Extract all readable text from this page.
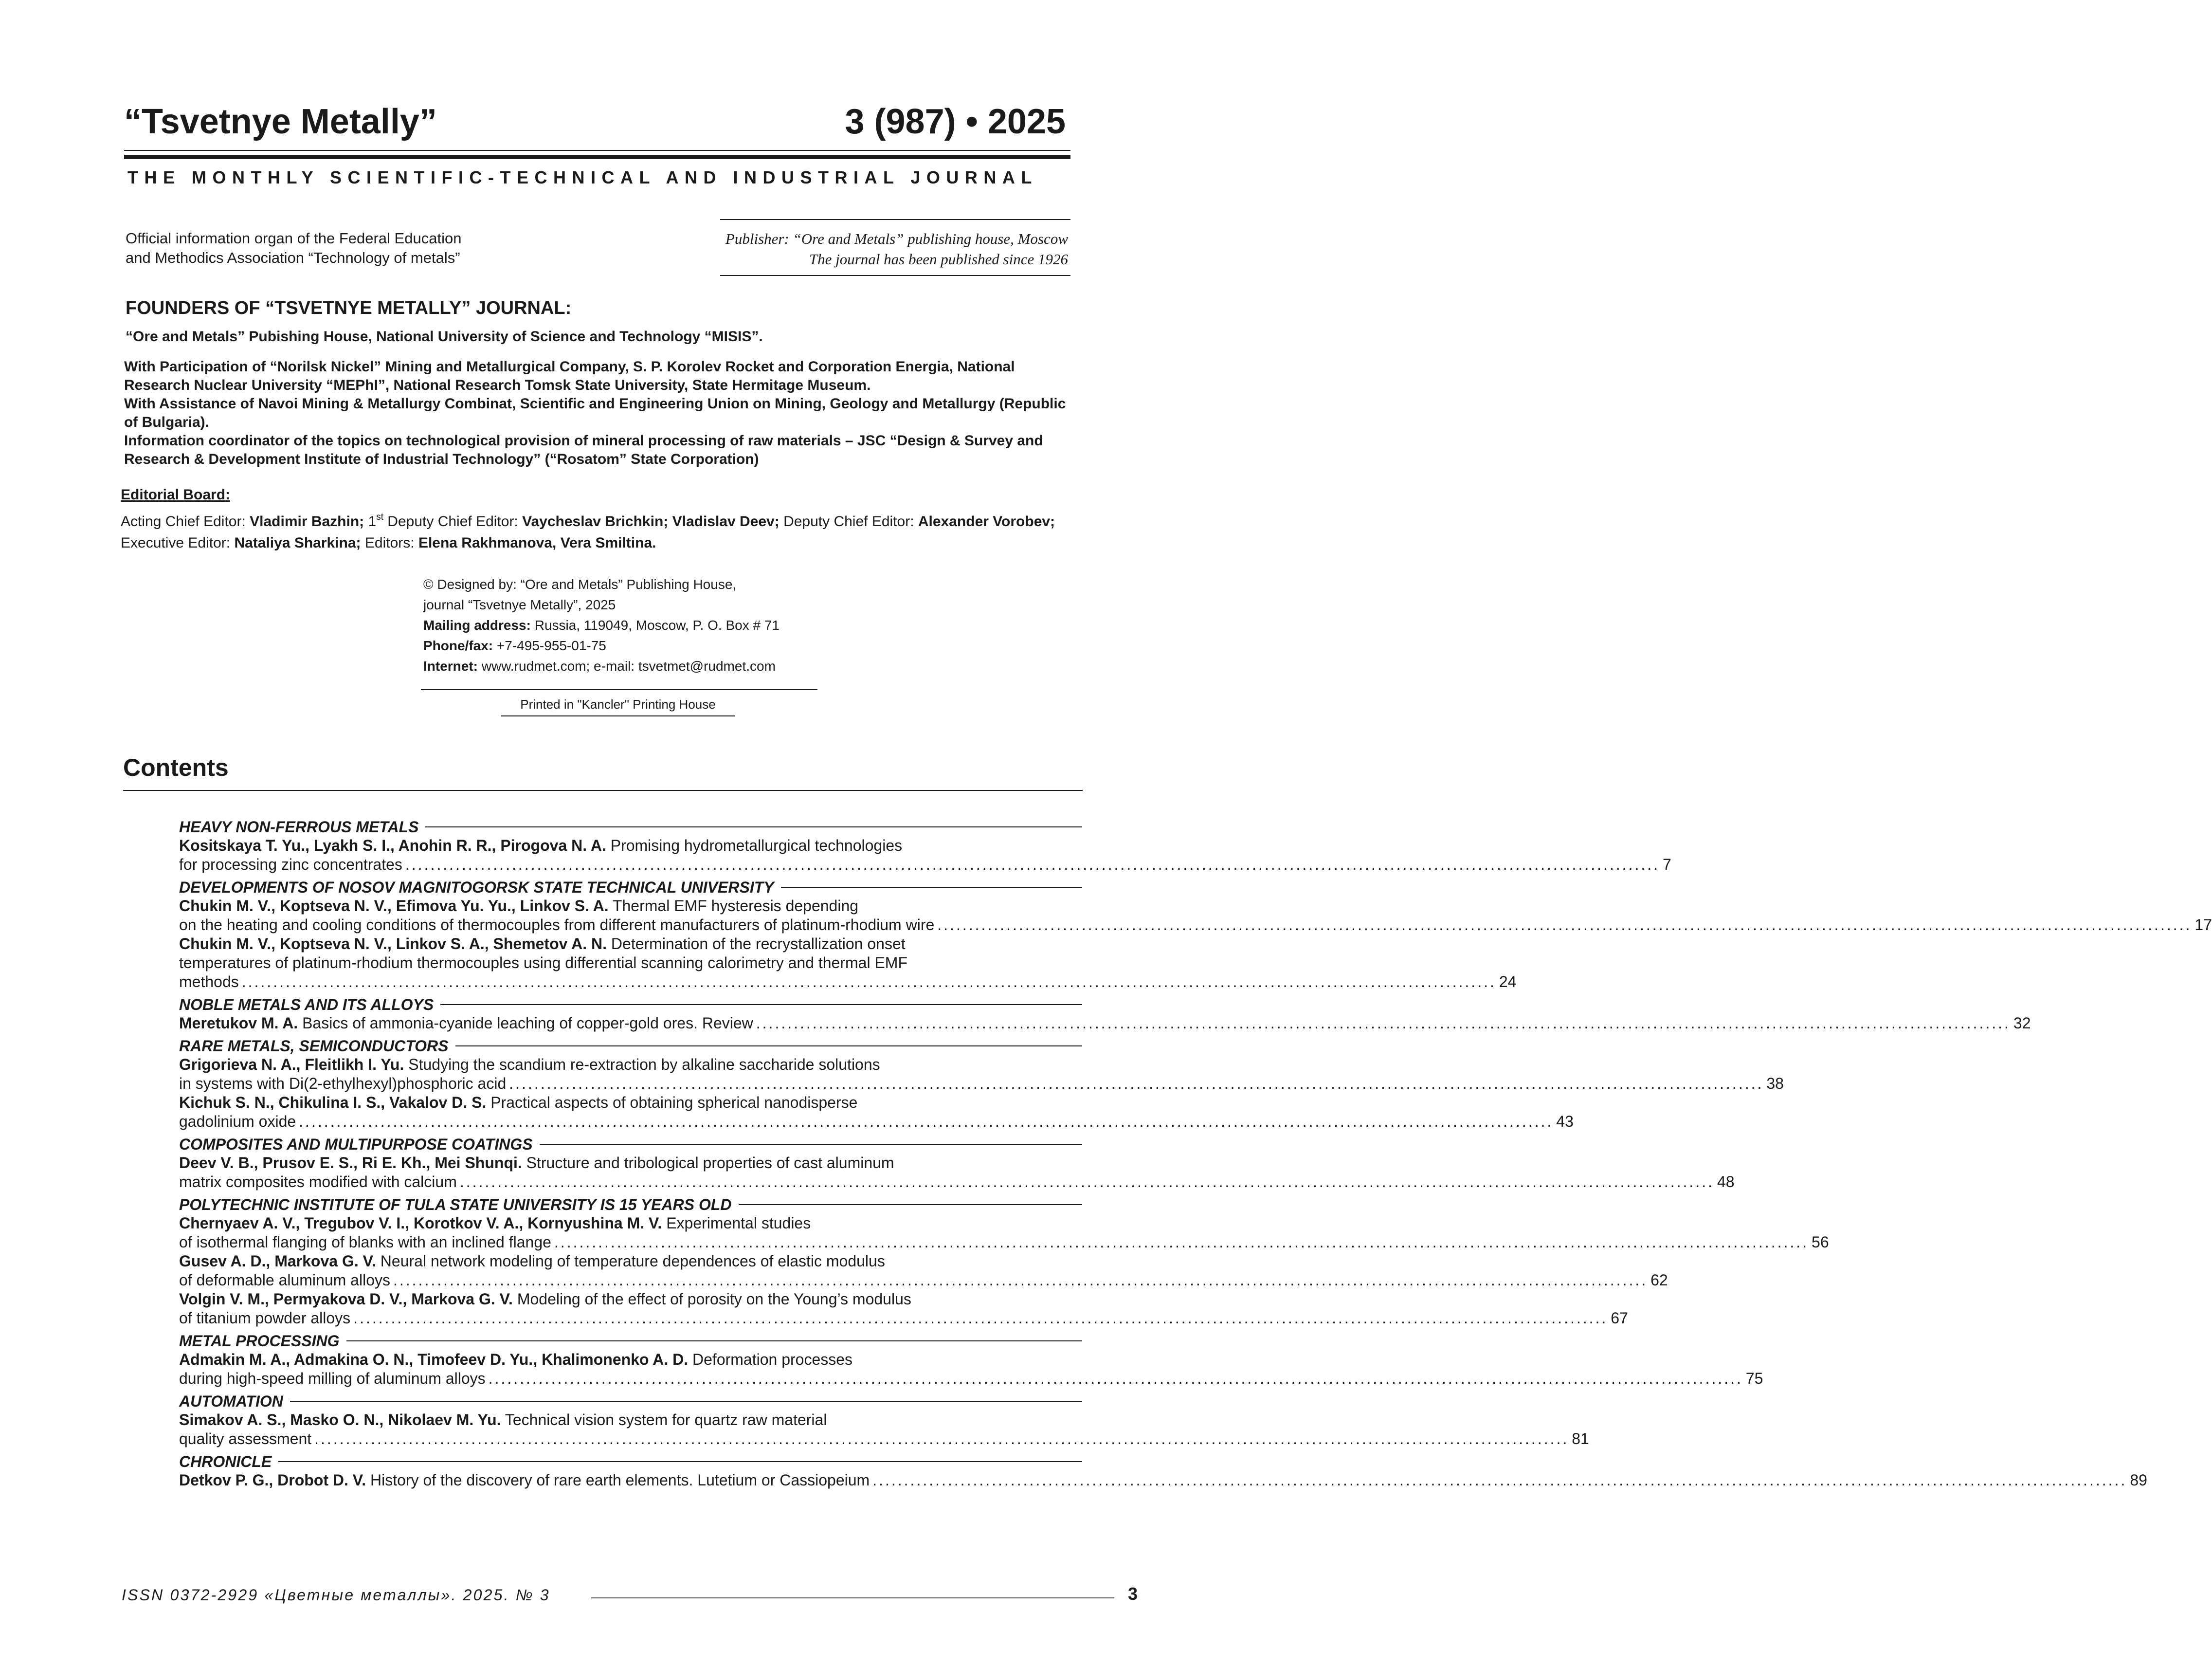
“Tsvetnye Metally”	3 (987) • 2025
THE MONTHLY SCIENTIFIC-TECHNICAL AND INDUSTRIAL JOURNAL
Official information organ of the Federal Education
and Methodics Association “Technology of metals”
Publisher: “Ore and Metals” publishing house, Moscow
The journal has been published since 1926
FOUNDERS OF “TSVETNYE METALLY” JOURNAL:
“Ore and Metals” Pubishing House, National University of Science and Technology “MISIS”.

With Participation of “Norilsk Nickel” Mining and Metallurgical Company, S. P. Korolev Rocket and Corporation Energia, National Research Nuclear University “MEPhI”, National Research Tomsk State University, State Hermitage Museum.

With Assistance of Navoi Mining & Metallurgy Combinat, Scientific and Engineering Union on Mining, Geology and Metallurgy (Republic of Bulgaria).

Information coordinator of the topics on technological provision of mineral processing of raw materials – JSC “Design & Survey and Research & Development Institute of Industrial Technology” (“Rosatom” State Corporation)

Editorial Board:
Acting Chief Editor: Vladimir Bazhin; 1st Deputy Chief Editor: Vaycheslav Brichkin; Vladislav Deev; Deputy Chief Editor: Alexander Vorobev; Executive Editor: Nataliya Sharkina; Editors: Elena Rakhmanova, Vera Smiltina.
© Designed by: “Ore and Metals” Publishing House,
journal “Tsvetnye Metally”, 2025
Mailing address: Russia, 119049, Moscow, P. O. Box # 71
Phone/fax: +7-495-955-01-75
Internet: www.rudmet.com; e-mail: tsvetmet@rudmet.com
Printed in "Kancler" Printing House
Contents
HEAVY NON-FERROUS METALS
Kositskaya T. Yu., Lyakh S. I., Anohin R. R., Pirogova N. A. Promising hydrometallurgical technologies
for processing zinc concentrates ........................................................................................................................................................................................................ 7
DEVELOPMENTS OF NOSOV MAGNITOGORSK STATE TECHNICAL UNIVERSITY
Chukin M. V., Koptseva N. V., Efimova Yu. Yu., Linkov S. A. Thermal EMF hysteresis depending
on the heating and cooling conditions of thermocouples from different manufacturers of platinum-rhodium wire ........................................................................................................................................................................................................ 17
Chukin M. V., Koptseva N. V., Linkov S. A., Shemetov A. N. Determination of the recrystallization onset
temperatures of platinum-rhodium thermocouples using differential scanning calorimetry and thermal EMF
methods ........................................................................................................................................................................................................ 24
NOBLE METALS AND ITS ALLOYS
Meretukov M. A. Basics of ammonia-cyanide leaching of copper-gold ores. Review ........................................................................................................................................................................................................ 32
RARE METALS, SEMICONDUCTORS
Grigorieva N. A., Fleitlikh I. Yu. Studying the scandium re-extraction by alkaline saccharide solutions
in systems with Di(2-ethylhexyl)phosphoric acid ........................................................................................................................................................................................................ 38
Kichuk S. N., Chikulina I. S., Vakalov D. S. Practical aspects of obtaining spherical nanodisperse
gadolinium oxide ........................................................................................................................................................................................................ 43
COMPOSITES AND MULTIPURPOSE COATINGS
Deev V. B., Prusov E. S., Ri E. Kh., Mei Shunqi. Structure and tribological properties of cast aluminum
matrix composites modified with calcium ........................................................................................................................................................................................................ 48
POLYTECHNIC INSTITUTE OF TULA STATE UNIVERSITY IS 15 YEARS OLD
Chernyaev A. V., Tregubov V. I., Korotkov V. A., Kornyushina M. V. Experimental studies
of isothermal flanging of blanks with an inclined flange ........................................................................................................................................................................................................ 56
Gusev A. D., Markova G. V. Neural network modeling of temperature dependences of elastic modulus
of deformable aluminum alloys ........................................................................................................................................................................................................ 62
Volgin V. M., Permyakova D. V., Markova G. V. Modeling of the effect of porosity on the Young’s modulus
of titanium powder alloys ........................................................................................................................................................................................................ 67
METAL PROCESSING
Admakin M. A., Admakina O. N., Timofeev D. Yu., Khalimonenko A. D. Deformation processes
during high-speed milling of aluminum alloys ........................................................................................................................................................................................................ 75
AUTOMATION
Simakov A. S., Masko O. N., Nikolaev M. Yu. Technical vision system for quartz raw material
quality assessment ........................................................................................................................................................................................................ 81
CHRONICLE
Detkov P. G., Drobot D. V. History of the discovery of rare earth elements. Lutetium or Cassiopeium ........................................................................................................................................................................................................ 89
ISSN 0372-2929 «Цветные металлы». 2025. № 3	3
